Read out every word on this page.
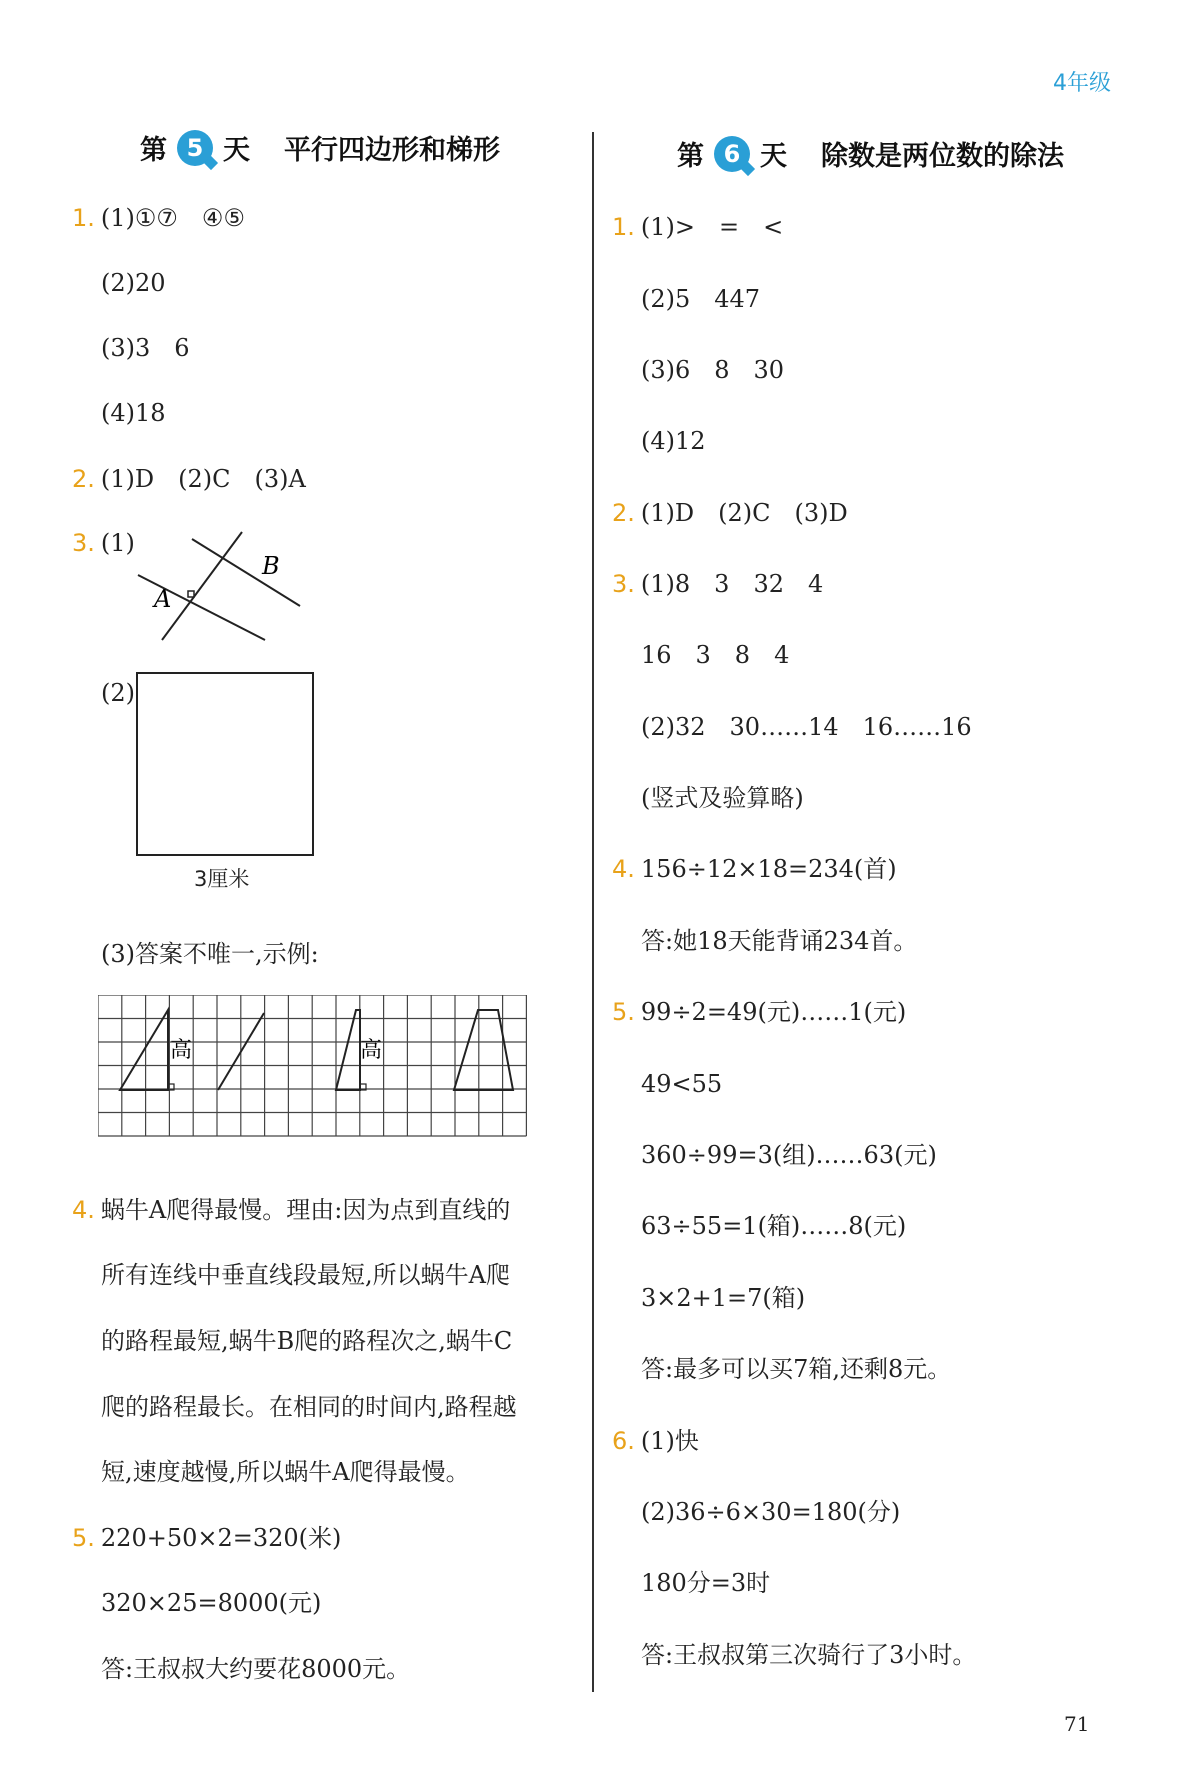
4年级
第 5 天 平行四边形和梯形	第 6 天 除数是两位数的除法
1. (1)①⑦　④⑤
(2)20
(3)3　6
(4)18
2. (1)D　(2)C　(3)A
3. (1)
(2)
(3)答案不唯一,示例:
4. 蜗牛A爬得最慢。理由:因为点到直线的
所有连线中垂直线段最短,所以蜗牛A爬
的路程最短,蜗牛B爬的路程次之,蜗牛C
爬的路程最长。在相同的时间内,路程越
短,速度越慢,所以蜗牛A爬得最慢。
5. 220+50×2=320(米)
320×25=8000(元)
答:王叔叔大约要花8000元。
A
B
3厘米
高	高
1. (1)>　=　<
(2)5　447
(3)6　8　30
(4)12
2. (1)D　(2)C　(3)D
3. (1)8　3　32　4
16　3　8　4
(2)32　30……14　16……16
(竖式及验算略)
4. 156÷12×18=234(首)
答:她18天能背诵234首。
5. 99÷2=49(元)……1(元)
49<55
360÷99=3(组)……63(元)
63÷55=1(箱)……8(元)
3×2+1=7(箱)
答:最多可以买7箱,还剩8元。
6. (1)快
(2)36÷6×30=180(分)
180分=3时
答:王叔叔第三次骑行了3小时。
71
